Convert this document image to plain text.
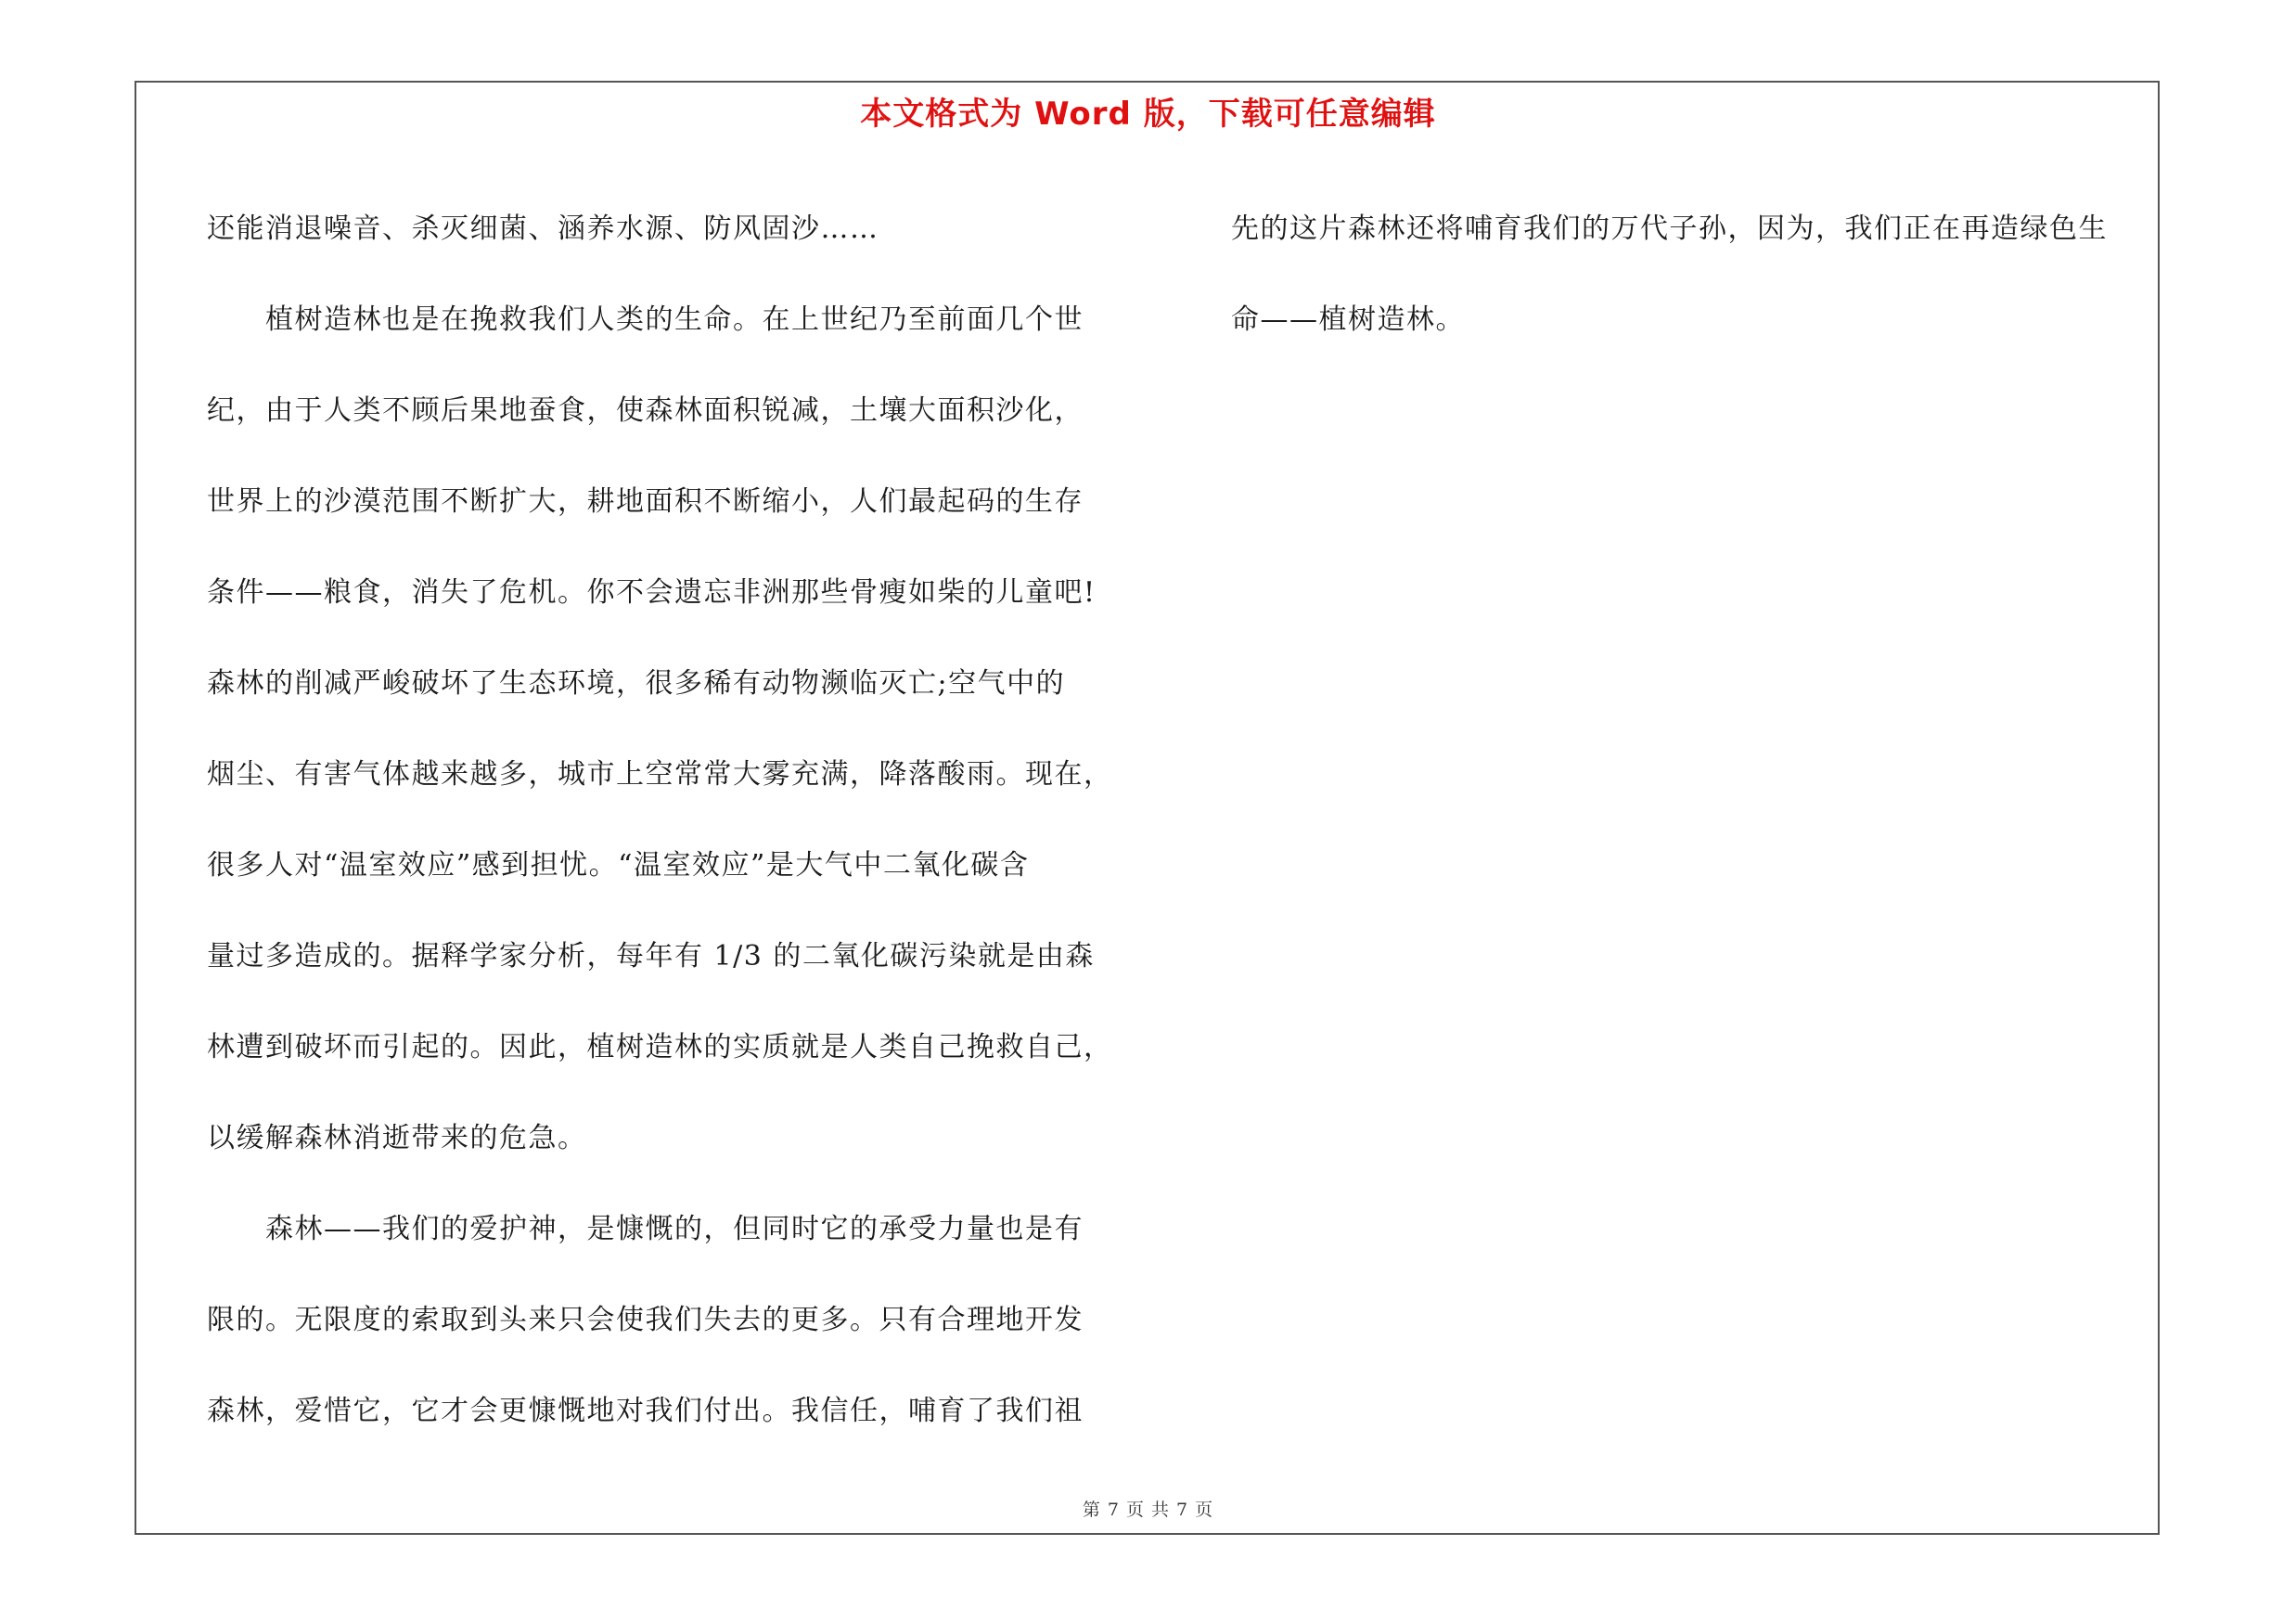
本文格式为 Word 版，下载可任意编辑

还能消退噪音、杀灭细菌、涵养水源、防风固沙……

　　植树造林也是在挽救我们人类的生命。在上世纪乃至前面几个世

纪，由于人类不顾后果地蚕食，使森林面积锐减，土壤大面积沙化，

世界上的沙漠范围不断扩大，耕地面积不断缩小，人们最起码的生存

条件——粮食，消失了危机。你不会遗忘非洲那些骨瘦如柴的儿童吧!

森林的削减严峻破坏了生态环境，很多稀有动物濒临灭亡;空气中的

烟尘、有害气体越来越多，城市上空常常大雾充满，降落酸雨。现在，

很多人对“温室效应”感到担忧。“温室效应”是大气中二氧化碳含

量过多造成的。据释学家分析，每年有 1/3 的二氧化碳污染就是由森

林遭到破坏而引起的。因此，植树造林的实质就是人类自己挽救自己，

以缓解森林消逝带来的危急。

　　森林——我们的爱护神，是慷慨的，但同时它的承受力量也是有

限的。无限度的索取到头来只会使我们失去的更多。只有合理地开发

森林，爱惜它，它才会更慷慨地对我们付出。我信任，哺育了我们祖

先的这片森林还将哺育我们的万代子孙，因为，我们正在再造绿色生

命——植树造林。

第 7 页 共 7 页
